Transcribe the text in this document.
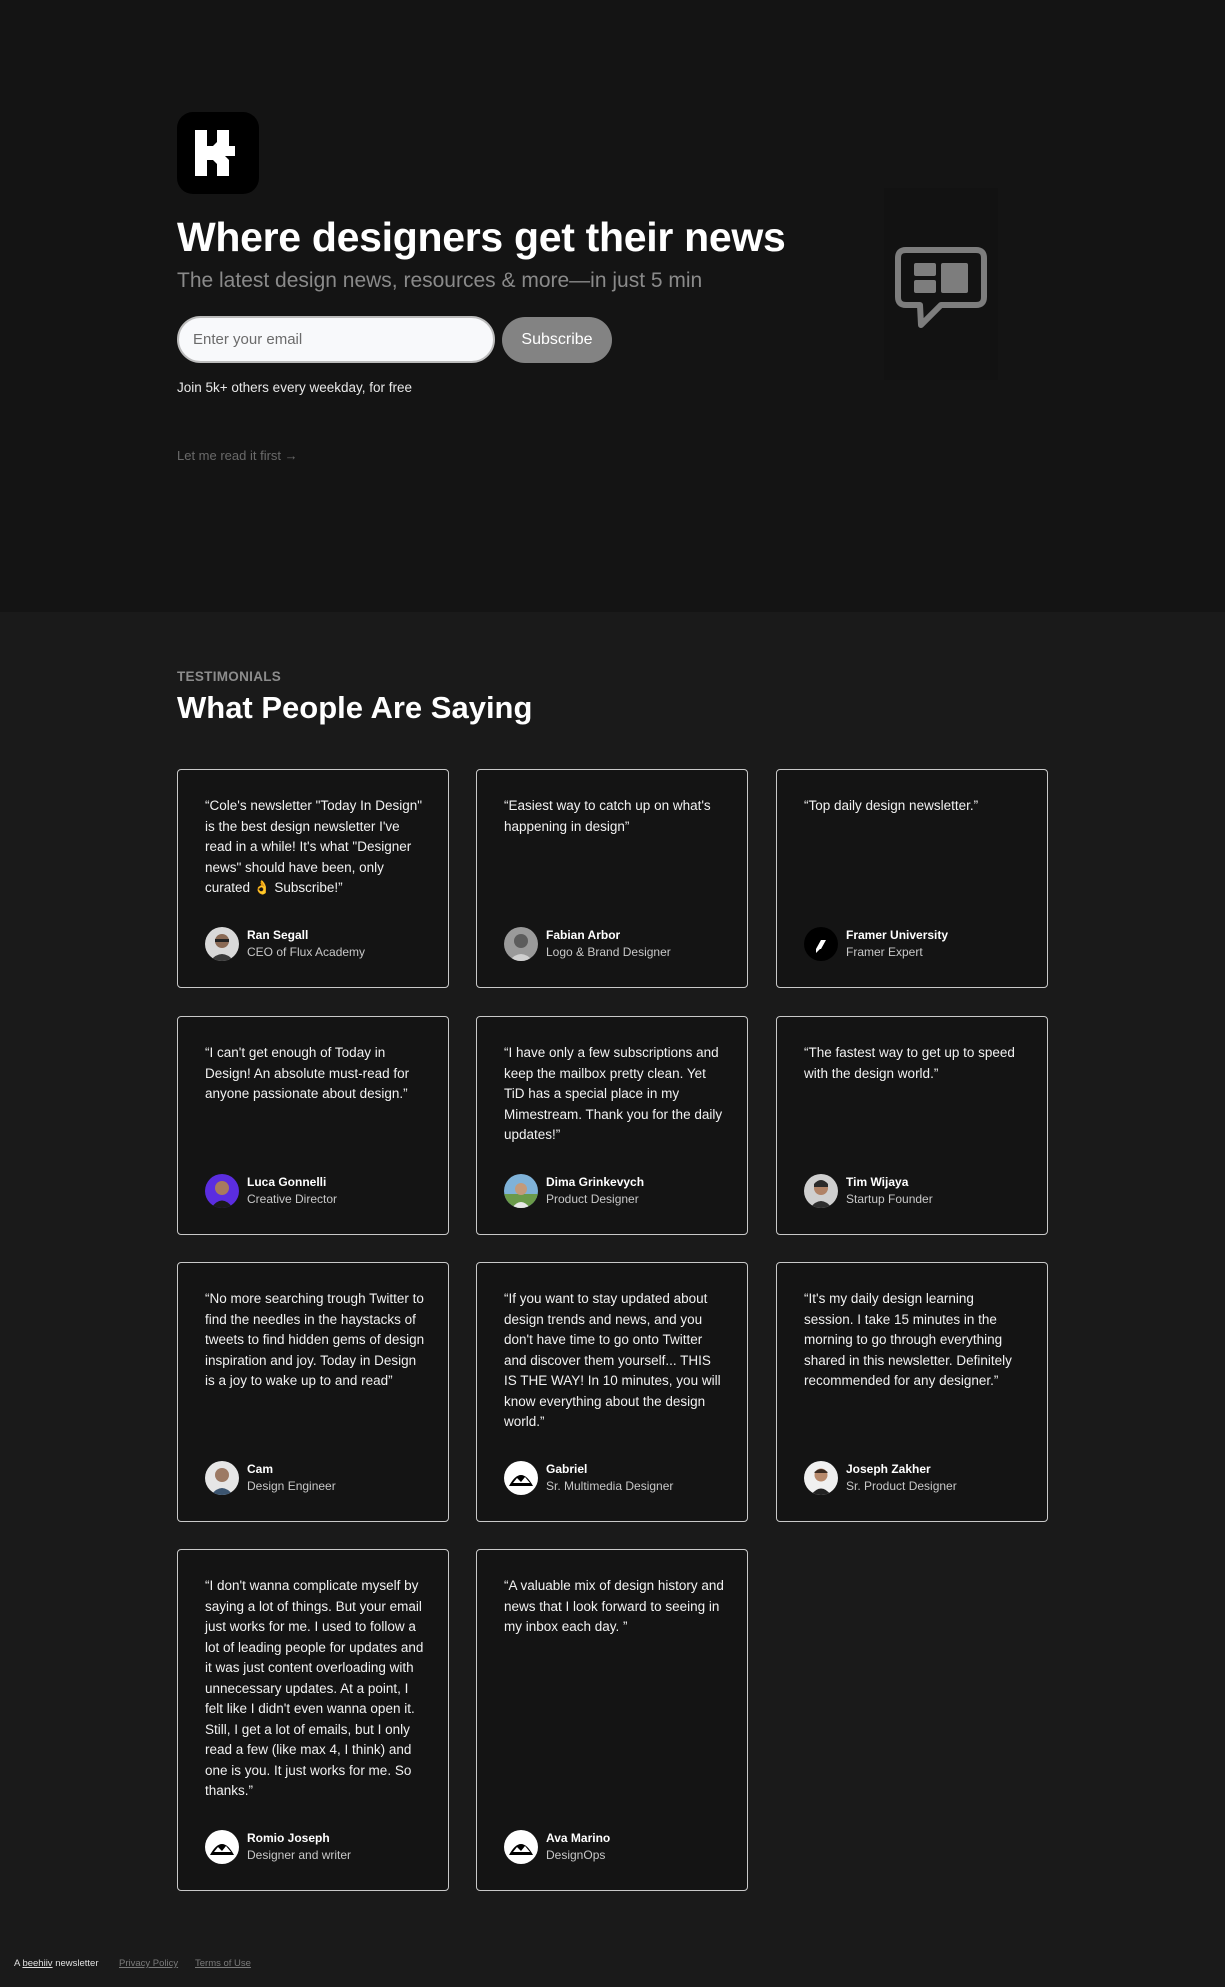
Where designers get their news
The latest design news, resources & more—in just 5 min
Enter your email
Subscribe
Join 5k+ others every weekday, for free
Let me read it first →
TESTIMONIALS
What People Are Saying
“Cole's newsletter "Today In Design" is the best design newsletter I've read in a while! It's what "Designer news" should have been, only curated 👌 Subscribe!”
Ran Segall
CEO of Flux Academy
“Easiest way to catch up on what's happening in design”
Fabian Arbor
Logo & Brand Designer
“Top daily design newsletter.”
Framer University
Framer Expert
“I can't get enough of Today in Design! An absolute must-read for anyone passionate about design.”
Luca Gonnelli
Creative Director
“I have only a few subscriptions and keep the mailbox pretty clean. Yet TiD has a special place in my Mimestream. Thank you for the daily updates!”
Dima Grinkevych
Product Designer
“The fastest way to get up to speed with the design world.”
Tim Wijaya
Startup Founder
“No more searching trough Twitter to find the needles in the haystacks of tweets to find hidden gems of design inspiration and joy. Today in Design is a joy to wake up to and read”
Cam
Design Engineer
“If you want to stay updated about design trends and news, and you don't have time to go onto Twitter and discover them yourself... THIS IS THE WAY! In 10 minutes, you will know everything about the design world.”
Gabriel
Sr. Multimedia Designer
“It's my daily design learning session. I take 15 minutes in the morning to go through everything shared in this newsletter. Definitely recommended for any designer.”
Joseph Zakher
Sr. Product Designer
“I don't wanna complicate myself by saying a lot of things. But your email just works for me. I used to follow a lot of leading people for updates and it was just content overloading with unnecessary updates. At a point, I felt like I didn't even wanna open it. Still, I get a lot of emails, but I only read a few (like max 4, I think) and one is you. It just works for me. So thanks.”
Romio Joseph
Designer and writer
“A valuable mix of design history and news that I look forward to seeing in my inbox each day. ”
Ava Marino
DesignOps
A beehiiv newsletter Privacy Policy Terms of Use
